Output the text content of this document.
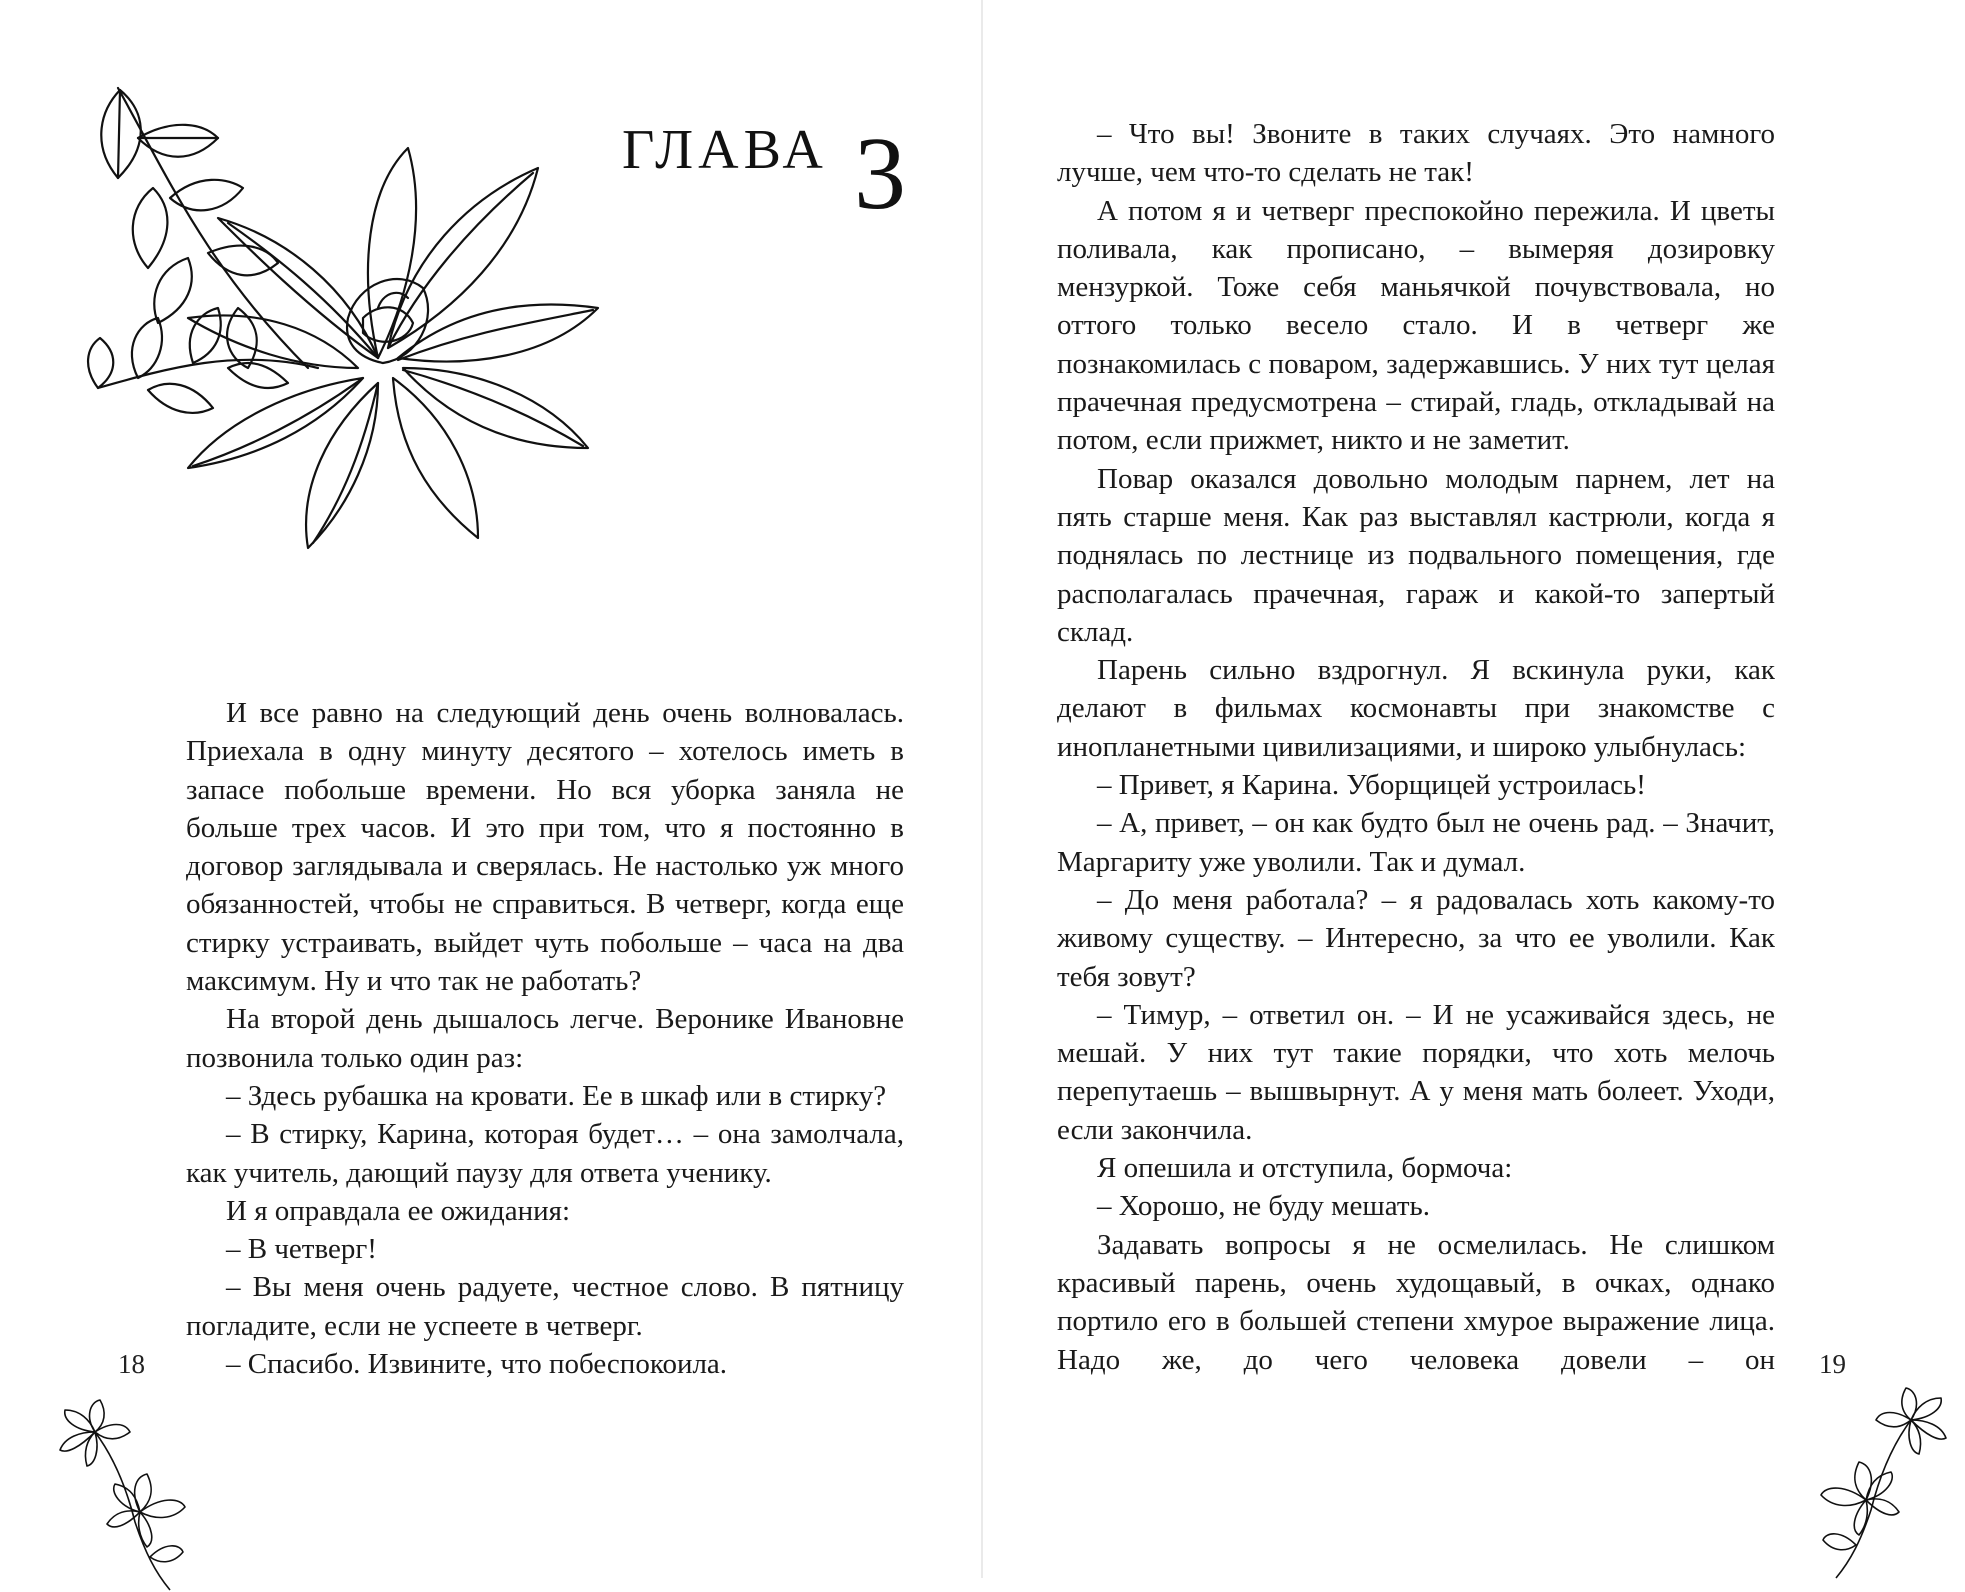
ГЛАВА 3

И все равно на следующий день очень волновалась. Приехала в одну минуту десятого – хотелось иметь в запасе побольше времени. Но вся уборка заняла не больше трех часов. И это при том, что я постоянно в договор заглядывала и сверялась. Не настолько уж много обязанностей, чтобы не справиться. В четверг, когда еще стирку устраивать, выйдет чуть побольше – часа на два максимум. Ну и что так не работать?

На второй день дышалось легче. Веронике Ивановне позвонила только один раз:

– Здесь рубашка на кровати. Ее в шкаф или в стирку?

– В стирку, Карина, которая будет… – она замолчала, как учитель, дающий паузу для ответа ученику.

И я оправдала ее ожидания:

– В четверг!

– Вы меня очень радуете, честное слово. В пятницу погладите, если не успеете в четверг.

– Спасибо. Извините, что побеспокоила.

18

– Что вы! Звоните в таких случаях. Это намного лучше, чем что-то сделать не так!

А потом я и четверг преспокойно пережила. И цветы поливала, как прописано, – вымеряя дозировку мензуркой. Тоже себя маньячкой почувствовала, но оттого только весело стало. И в четверг же познакомилась с поваром, задержавшись. У них тут целая прачечная предусмотрена – стирай, гладь, откладывай на потом, если прижмет, никто и не заметит.

Повар оказался довольно молодым парнем, лет на пять старше меня. Как раз выставлял кастрюли, когда я поднялась по лестнице из подвального помещения, где располагалась прачечная, гараж и какой-то запертый склад.

Парень сильно вздрогнул. Я вскинула руки, как делают в фильмах космонавты при знакомстве с инопланетными цивилизациями, и широко улыбнулась:

– Привет, я Карина. Уборщицей устроилась!

– А, привет, – он как будто был не очень рад. – Значит, Маргариту уже уволили. Так и думал.

– До меня работала? – я радовалась хоть какому-то живому существу. – Интересно, за что ее уволили. Как тебя зовут?

– Тимур, – ответил он. – И не усаживайся здесь, не мешай. У них тут такие порядки, что хоть мелочь перепутаешь – вышвырнут. А у меня мать болеет. Уходи, если закончила.

Я опешила и отступила, бормоча:

– Хорошо, не буду мешать.

Задавать вопросы я не осмелилась. Не слишком красивый парень, очень худощавый, в очках, однако портило его в большей степени хмурое выражение лица. Надо же, до чего человека довели – он 19
